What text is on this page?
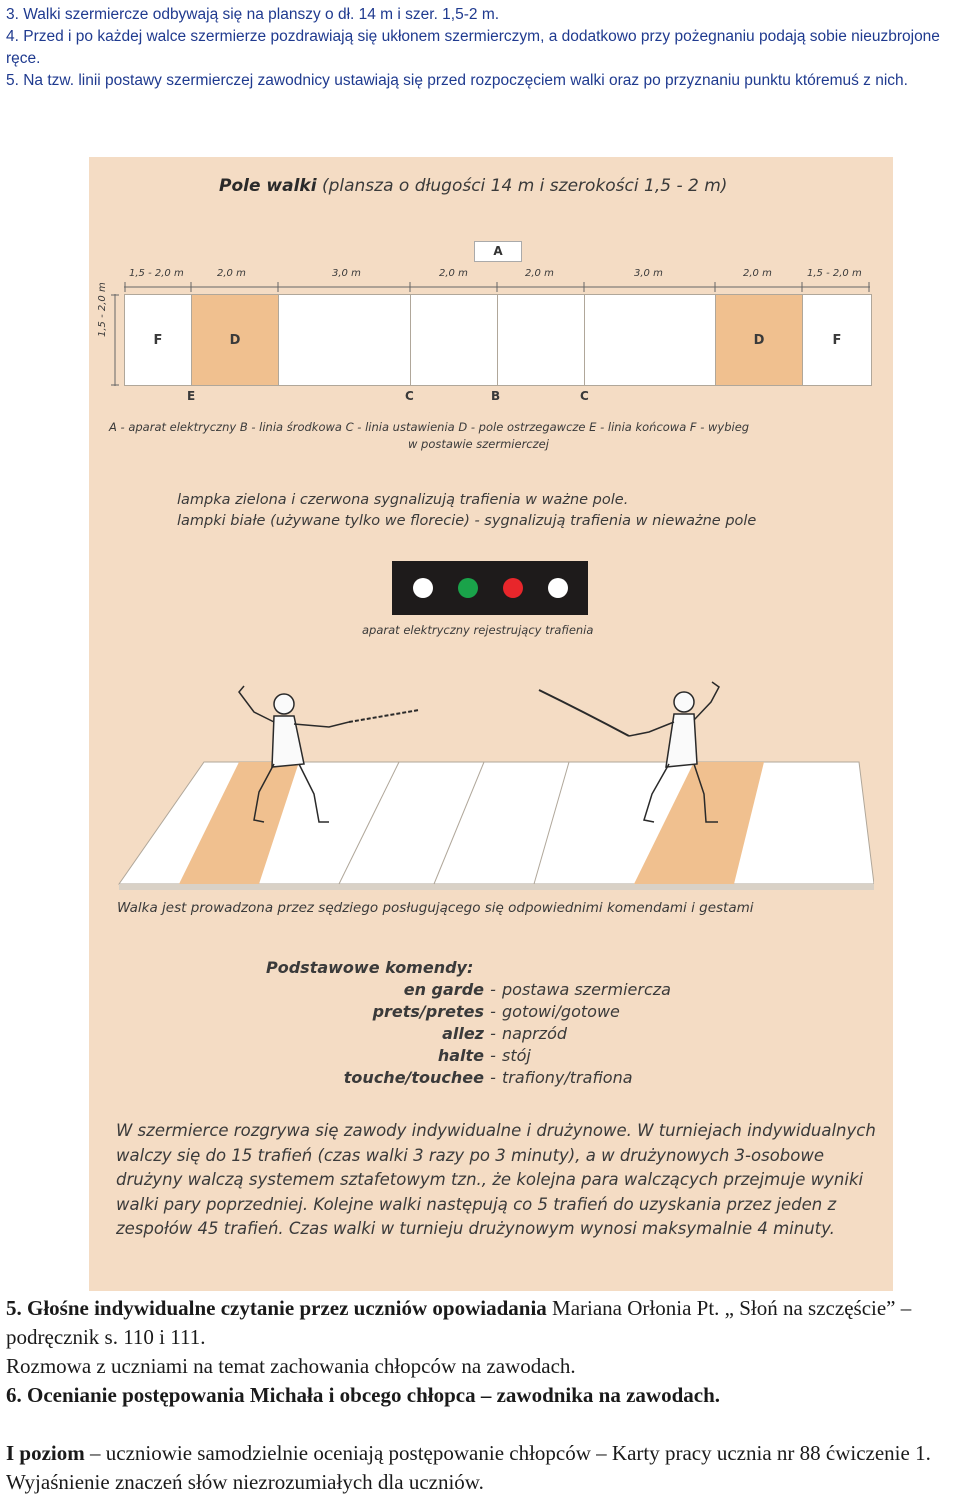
3. Walki szermiercze odbywają się na planszy o dł. 14 m i szer. 1,5-2 m.

4. Przed i po każdej walce szermierze pozdrawiają się ukłonem szermierczym, a dodatkowo przy pożegnaniu podają sobie nieuzbrojone ręce.

5. Na tzw. linii postawy szermierczej zawodnicy ustawiają się przed rozpoczęciem walki oraz po przyznaniu punktu któremuś z nich.

Pole walki (plansza o długości 14 m i szerokości 1,5 - 2 m)
A
1,5 - 2,0 m	2,0 m	3,0 m	2,0 m	2,0 m	3,0 m	2,0 m	1,5 - 2,0 m
1,5 - 2,0 m
F	D	D	F
E	C	B	C
A - aparat elektryczny B - linia środkowa C - linia ustawienia D - pole ostrzegawcze E - linia końcowa F - wybieg
w postawie szermierczej

lampka zielona i czerwona sygnalizują trafienia w ważne pole.

lampki białe (używane tylko we florecie) - sygnalizują trafienia w nieważne pole

aparat elektryczny rejestrujący trafienia
Walka jest prowadzona przez sędziego posługującego się odpowiednimi komendami i gestami
Podstawowe komendy:
en garde - postawa szermiercza
prets/pretes - gotowi/gotowe
allez - naprzód
halte - stój
touche/touchee - trafiony/trafiona
W szermierce rozgrywa się zawody indywidualne i drużynowe. W turniejach indywidualnych walczy się do 15 trafień (czas walki 3 razy po 3 minuty), a w drużynowych 3-osobowe drużyny walczą systemem sztafetowym tzn., że kolejna para walczących przejmuje wyniki walki pary poprzedniej. Kolejne walki następują co 5 trafień do uzyskania przez jeden z zespołów 45 trafień. Czas walki w turnieju drużynowym wynosi maksymalnie 4 minuty.

5. Głośne indywidualne czytanie przez uczniów opowiadania Mariana Orłonia Pt. „ Słoń na szczęście” – podręcznik s. 110 i 111.

Rozmowa z uczniami na temat zachowania chłopców na zawodach.

6. Ocenianie postępowania Michała i obcego chłopca – zawodnika na zawodach.

I poziom – uczniowie samodzielnie oceniają postępowanie chłopców – Karty pracy ucznia nr 88 ćwiczenie 1. Wyjaśnienie znaczeń słów niezrozumiałych dla uczniów.
